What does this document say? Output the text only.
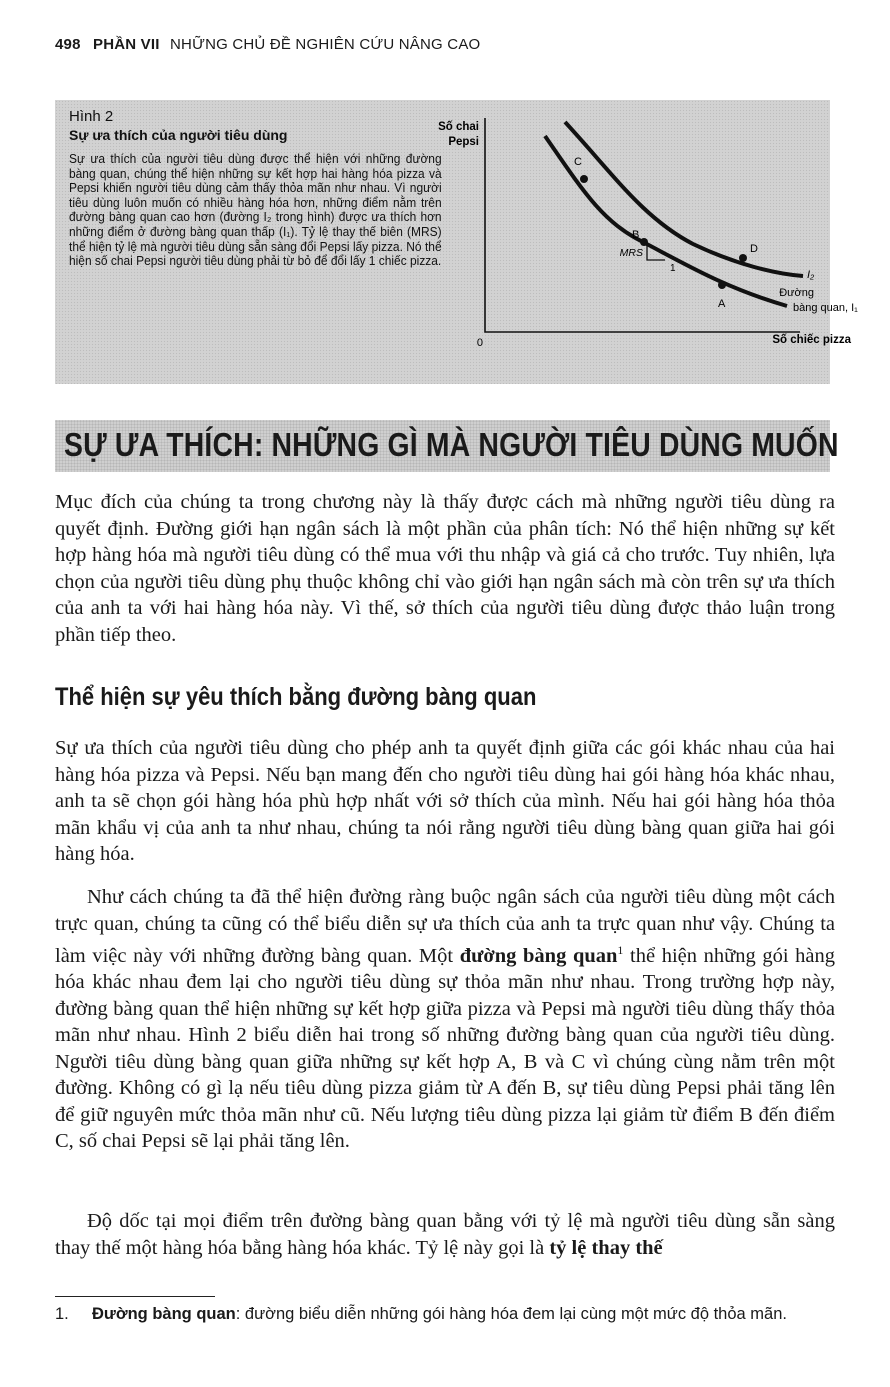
498 PHẦN VII NHỮNG CHỦ ĐỀ NGHIÊN CỨU NÂNG CAO
Hình 2
Sự ưa thích của người tiêu dùng
Sự ưa thích của người tiêu dùng được thể hiện với những đường bàng quan, chúng thể hiện những sự kết hợp hai hàng hóa pizza và Pepsi khiến người tiêu dùng cảm thấy thỏa mãn như nhau. Vì người tiêu dùng luôn muốn có nhiều hàng hóa hơn, những điểm nằm trên đường bàng quan cao hơn (đường I₂ trong hình) được ưa thích hơn những điểm ở đường bàng quan thấp (I₁). Tỷ lệ thay thế biên (MRS) thể hiện tỷ lệ mà người tiêu dùng sẵn sàng đổi Pepsi lấy pizza. Nó thể hiện số chai Pepsi người tiêu dùng phải từ bỏ để đổi lấy 1 chiếc pizza.
Số chai
Pepsi
0	Số chiếc pizza
MRS
1
C
B
A
D
I₂
Đường
bàng quan, I₁
SỰ ƯA THÍCH: NHỮNG GÌ MÀ NGƯỜI TIÊU DÙNG MUỐN

Mục đích của chúng ta trong chương này là thấy được cách mà những người tiêu dùng ra quyết định. Đường giới hạn ngân sách là một phần của phân tích: Nó thể hiện những sự kết hợp hàng hóa mà người tiêu dùng có thể mua với thu nhập và giá cả cho trước. Tuy nhiên, lựa chọn của người tiêu dùng phụ thuộc không chỉ vào giới hạn ngân sách mà còn trên sự ưa thích của anh ta với hai hàng hóa này. Vì thế, sở thích của người tiêu dùng được thảo luận trong phần tiếp theo.

Thể hiện sự yêu thích bằng đường bàng quan

Sự ưa thích của người tiêu dùng cho phép anh ta quyết định giữa các gói khác nhau của hai hàng hóa pizza và Pepsi. Nếu bạn mang đến cho người tiêu dùng hai gói hàng hóa khác nhau, anh ta sẽ chọn gói hàng hóa phù hợp nhất với sở thích của mình. Nếu hai gói hàng hóa thỏa mãn khẩu vị của anh ta như nhau, chúng ta nói rằng người tiêu dùng bàng quan giữa hai gói hàng hóa.

Như cách chúng ta đã thể hiện đường ràng buộc ngân sách của người tiêu dùng một cách trực quan, chúng ta cũng có thể biểu diễn sự ưa thích của anh ta trực quan như vậy. Chúng ta làm việc này với những đường bàng quan. Một đường bàng quan$^1$ thể hiện những gói hàng hóa khác nhau đem lại cho người tiêu dùng sự thỏa mãn như nhau. Trong trường hợp này, đường bàng quan thể hiện những sự kết hợp giữa pizza và Pepsi mà người tiêu dùng thấy thỏa mãn như nhau. Hình 2 biểu diễn hai trong số những đường bàng quan của người tiêu dùng. Người tiêu dùng bàng quan giữa những sự kết hợp A, B và C vì chúng cùng nằm trên một đường. Không có gì lạ nếu tiêu dùng pizza giảm từ A đến B, sự tiêu dùng Pepsi phải tăng lên để giữ nguyên mức thỏa mãn như cũ. Nếu lượng tiêu dùng pizza lại giảm từ điểm B đến điểm C, số chai Pepsi sẽ lại phải tăng lên.

Độ dốc tại mọi điểm trên đường bàng quan bằng với tỷ lệ mà người tiêu dùng sẵn sàng thay thế một hàng hóa bằng hàng hóa khác. Tỷ lệ này gọi là tỷ lệ thay thế

1. Đường bàng quan: đường biểu diễn những gói hàng hóa đem lại cùng một mức độ thỏa mãn.
